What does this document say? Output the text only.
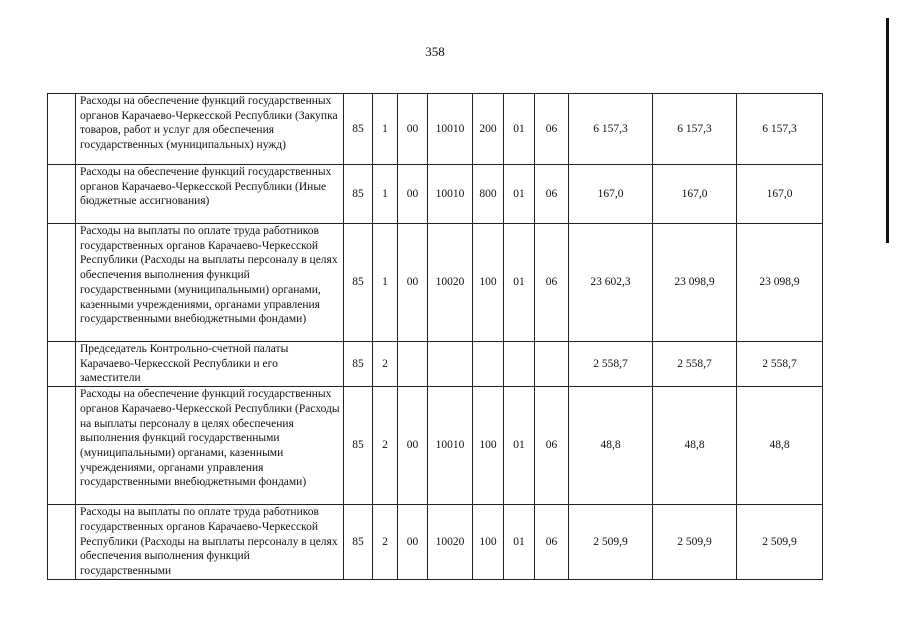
358
	Расходы на обеспечение функций государственных органов Карачаево-Черкесской Республики (Закупка товаров, работ и услуг для обеспечения государственных (муниципальных) нужд)	85	1	00	10010	200	01	06	6 157,3	6 157,3	6 157,3
	Расходы на обеспечение функций государственных органов Карачаево-Черкесской Республики (Иные бюджетные ассигнования)	85	1	00	10010	800	01	06	167,0	167,0	167,0
	Расходы на выплаты по оплате труда работников государственных органов Карачаево-Черкесской Республики (Расходы на выплаты персоналу в целях обеспечения выполнения функций государственными (муниципальными) органами, казенными учреждениями, органами управления государственными внебюджетными фондами)	85	1	00	10020	100	01	06	23 602,3	23 098,9	23 098,9
	Председатель Контрольно-счетной палаты Карачаево-Черкесской Республики и его заместители	85	2						2 558,7	2 558,7	2 558,7
	Расходы на обеспечение функций государственных органов Карачаево-Черкесской Республики (Расходы на выплаты персоналу в целях обеспечения выполнения функций государственными (муниципальными) органами, казенными учреждениями, органами управления государственными внебюджетными фондами)	85	2	00	10010	100	01	06	48,8	48,8	48,8
	Расходы на выплаты по оплате труда работников государственных органов Карачаево-Черкесской Республики (Расходы на выплаты персоналу в целях обеспечения выполнения функций государственными	85	2	00	10020	100	01	06	2 509,9	2 509,9	2 509,9
